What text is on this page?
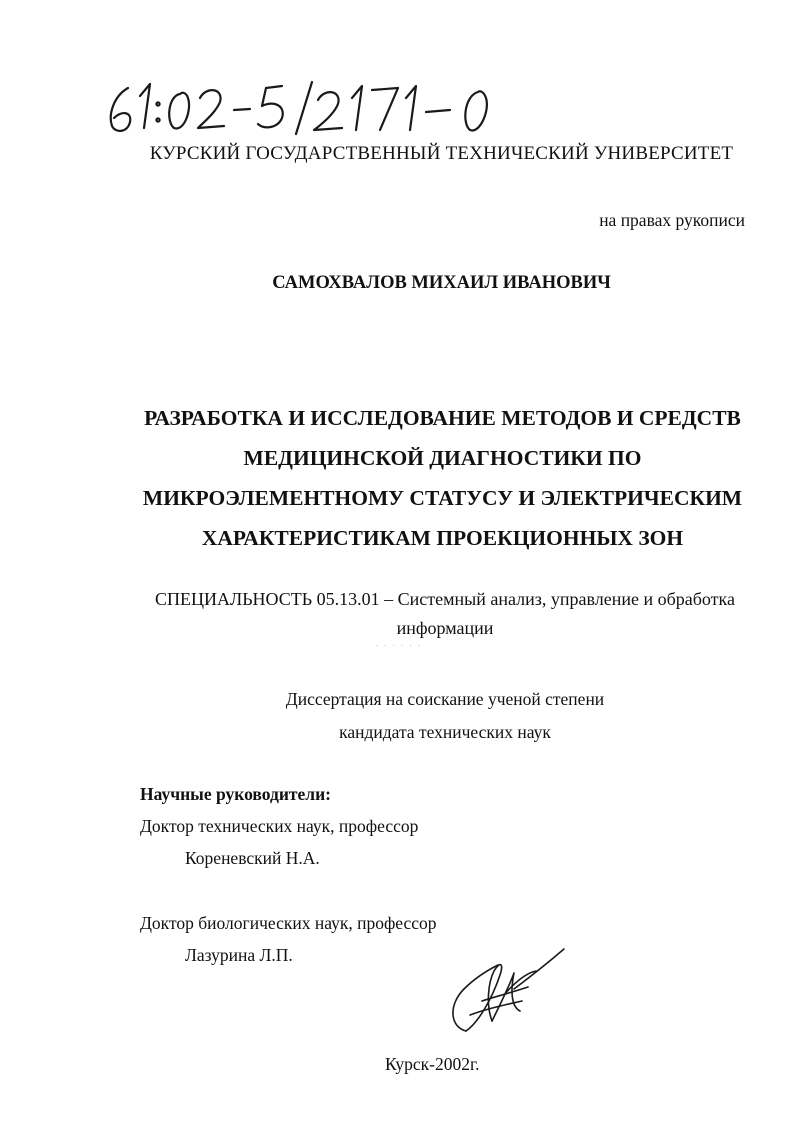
КУРСКИЙ ГОСУДАРСТВЕННЫЙ ТЕХНИЧЕСКИЙ УНИВЕРСИТЕТ
на правах рукописи
САМОХВАЛОВ МИХАИЛ ИВАНОВИЧ
РАЗРАБОТКА И ИССЛЕДОВАНИЕ МЕТОДОВ И СРЕДСТВ
МЕДИЦИНСКОЙ ДИАГНОСТИКИ ПО
МИКРОЭЛЕМЕНТНОМУ СТАТУСУ И ЭЛЕКТРИЧЕСКИМ
ХАРАКТЕРИСТИКАМ ПРОЕКЦИОННЫХ ЗОН
СПЕЦИАЛЬНОСТЬ 05.13.01 – Системный анализ, управление и обработка
информации
· · · · · ·
Диссертация на соискание ученой степени
кандидата технических наук
Научные руководители:
Доктор технических наук, профессор
Кореневский Н.А.
Доктор биологических наук, профессор
Лазурина Л.П.
Курск-2002г.
